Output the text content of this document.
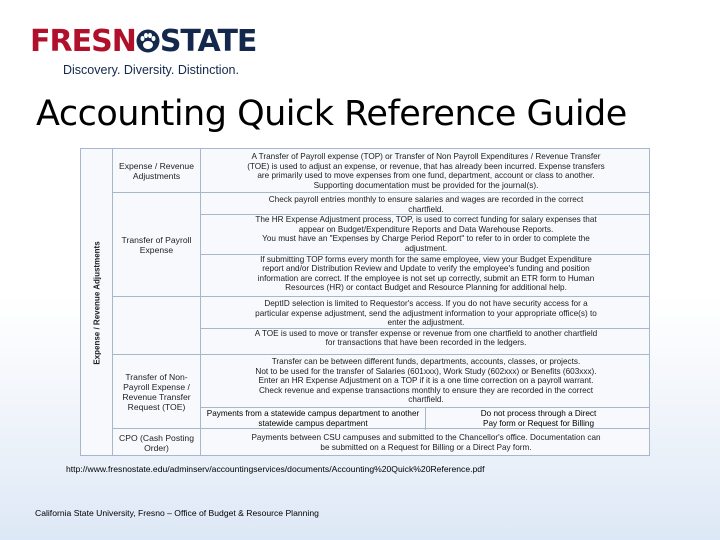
FRESN STATE
Discovery. Diversity. Distinction.
Accounting Quick Reference Guide
Expense / Revenue Adjustments
Expense / Revenue Adjustments
A Transfer of Payroll expense (TOP) or Transfer of Non Payroll Expenditures / Revenue Transfer
(TOE) is used to adjust an expense, or revenue, that has already been incurred. Expense transfers
are primarily used to move expenses from one fund, department, account or class to another.
Supporting documentation must be provided for the journal(s).
Transfer of Payroll Expense
Check payroll entries monthly to ensure salaries and wages are recorded in the correct
chartfield.
The HR Expense Adjustment process, TOP, is used to correct funding for salary expenses that
appear on Budget/Expenditure Reports and Data Warehouse Reports.
You must have an "Expenses by Charge Period Report" to refer to in order to complete the
adjustment.
If submitting TOP forms every month for the same employee, view your Budget Expenditure
report and/or Distribution Review and Update to verify the employee's funding and position
information are correct. If the employee is not set up correctly, submit an ETR form to Human
Resources (HR) or contact Budget and Resource Planning for additional help.
DeptID selection is limited to Requestor's access. If you do not have security access for a
particular expense adjustment, send the adjustment information to your appropriate office(s) to
enter the adjustment.
A TOE is used to move or transfer expense or revenue from one chartfield to another chartfield
for transactions that have been recorded in the ledgers.
Transfer of Non-Payroll Expense / Revenue Transfer Request (TOE)
Transfer can be between different funds, departments, accounts, classes, or projects.
Not to be used for the transfer of Salaries (601xxx), Work Study (602xxx) or Benefits (603xxx).
Enter an HR Expense Adjustment on a TOP if it is a one time correction on a payroll warrant.
Check revenue and expense transactions monthly to ensure they are recorded in the correct
chartfield.
Payments from a statewide campus department to another
statewide campus department
Do not process through a Direct
Pay form or Request for Billing
CPO (Cash Posting Order)
Payments between CSU campuses and submitted to the Chancellor's office. Documentation can
be submitted on a Request for Billing or a Direct Pay form.
http://www.fresnostate.edu/adminserv/accountingservices/documents/Accounting%20Quick%20Reference.pdf
California State University, Fresno – Office of Budget & Resource Planning
